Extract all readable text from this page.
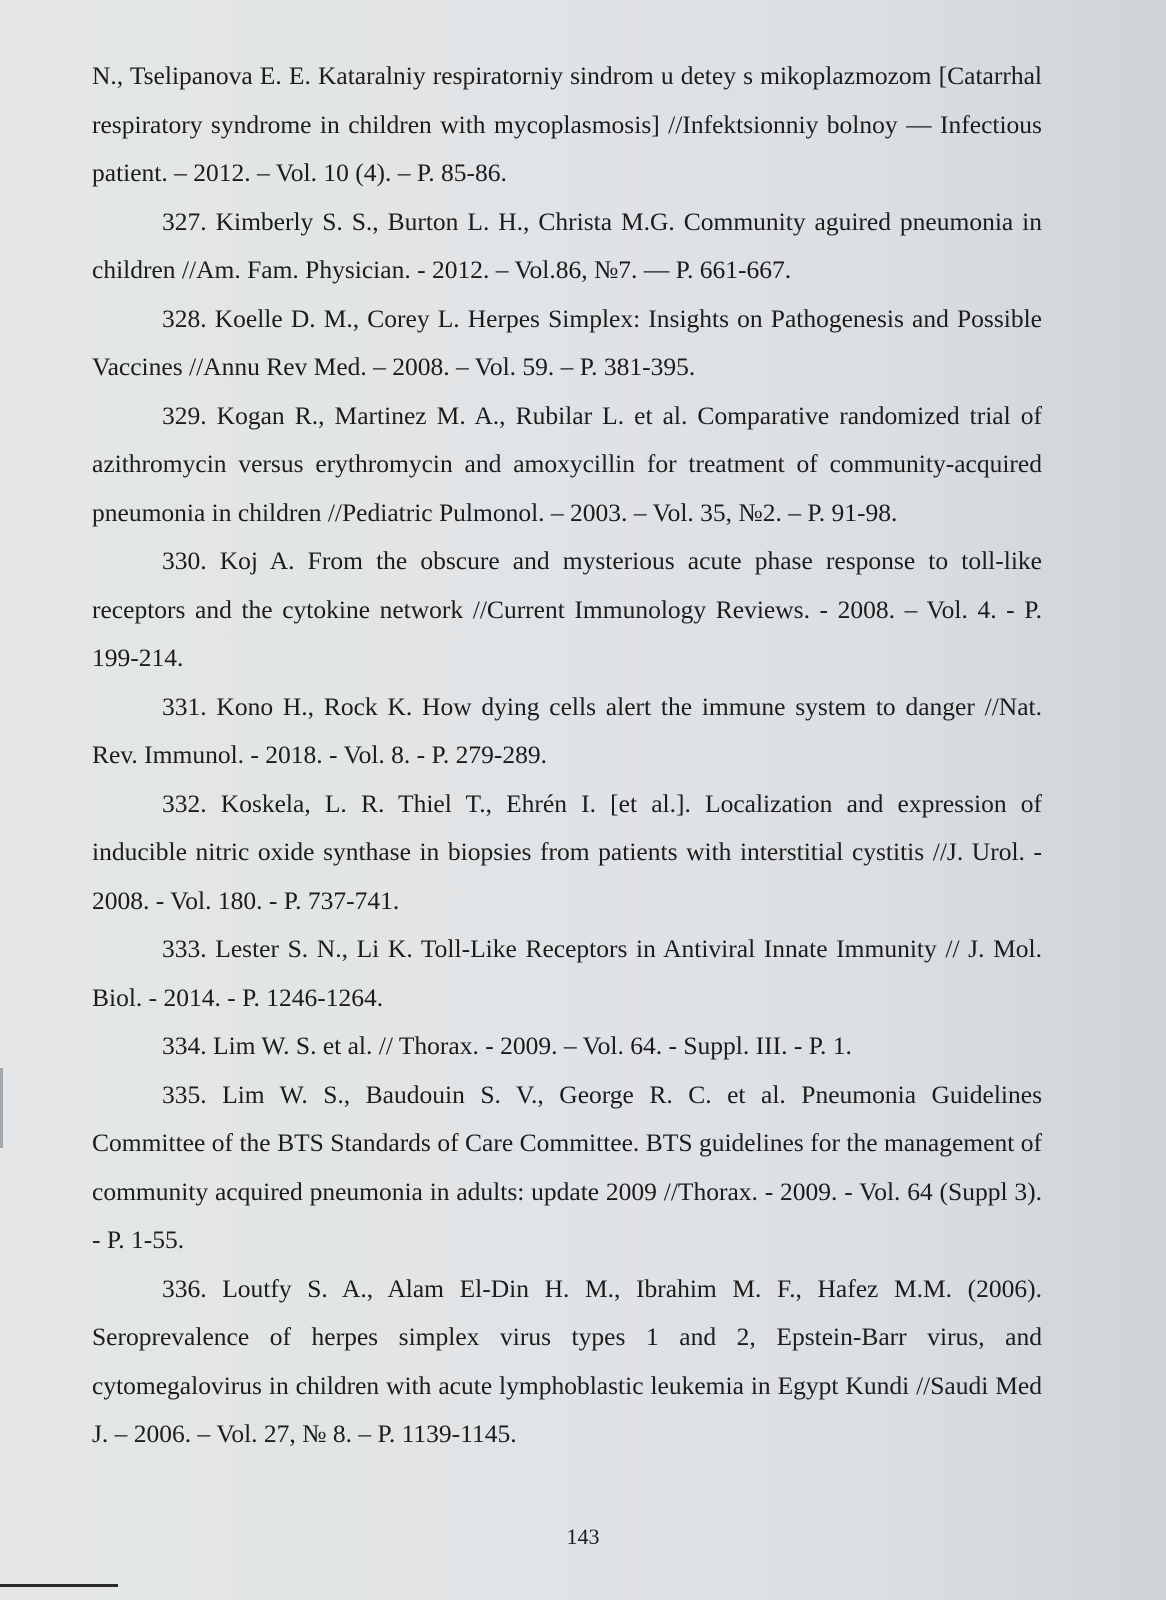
N., Tselipanova E. E. Kataralniy respiratorniy sindrom u detey s mikoplazmozom [Catarrhal respiratory syndrome in children with mycoplasmosis] //Infektsionniy bolnoy — Infectious patient. – 2012. – Vol. 10 (4). – P. 85-86.

327. Kimberly S. S., Burton L. H., Christa M.G. Community aguired pneumonia in children //Am. Fam. Physician. - 2012. – Vol.86, №7. — P. 661-667.

328. Koelle D. M., Corey L. Herpes Simplex: Insights on Pathogenesis and Possible Vaccines //Annu Rev Med. – 2008. – Vol. 59. – P. 381-395.

329. Kogan R., Martinez M. A., Rubilar L. et al. Comparative randomized trial of azithromycin versus erythromycin and amoxycillin for treatment of community-acquired pneumonia in children //Pediatric Pulmonol. – 2003. – Vol. 35, №2. – P. 91-98.

330. Koj A. From the obscure and mysterious acute phase response to toll-like receptors and the cytokine network //Current Immunology Reviews. - 2008. – Vol. 4. - P. 199-214.

331. Kono H., Rock K. How dying cells alert the immune system to danger //Nat. Rev. Immunol. - 2018. - Vol. 8. - P. 279-289.

332. Koskela, L. R. Thiel T., Ehrén I. [et al.]. Localization and expression of inducible nitric oxide synthase in biopsies from patients with interstitial cystitis //J. Urol. - 2008. - Vol. 180. - P. 737-741.

333. Lester S. N., Li K. Toll-Like Receptors in Antiviral Innate Immunity // J. Mol. Biol. - 2014. - P. 1246-1264.

334. Lim W. S. et al. // Thorax. - 2009. – Vol. 64. - Suppl. III. - P. 1.

335. Lim W. S., Baudouin S. V., George R. C. et al. Pneumonia Guidelines Committee of the BTS Standards of Care Committee. BTS guidelines for the management of community acquired pneumonia in adults: update 2009 //Thorax. - 2009. - Vol. 64 (Suppl 3). - P. 1-55.

336. Loutfy S. A., Alam El-Din H. M., Ibrahim M. F., Hafez M.M. (2006). Seroprevalence of herpes simplex virus types 1 and 2, Epstein-Barr virus, and cytomegalovirus in children with acute lymphoblastic leukemia in Egypt Kundi //Saudi Med J. – 2006. – Vol. 27, № 8. – P. 1139-1145.

143
